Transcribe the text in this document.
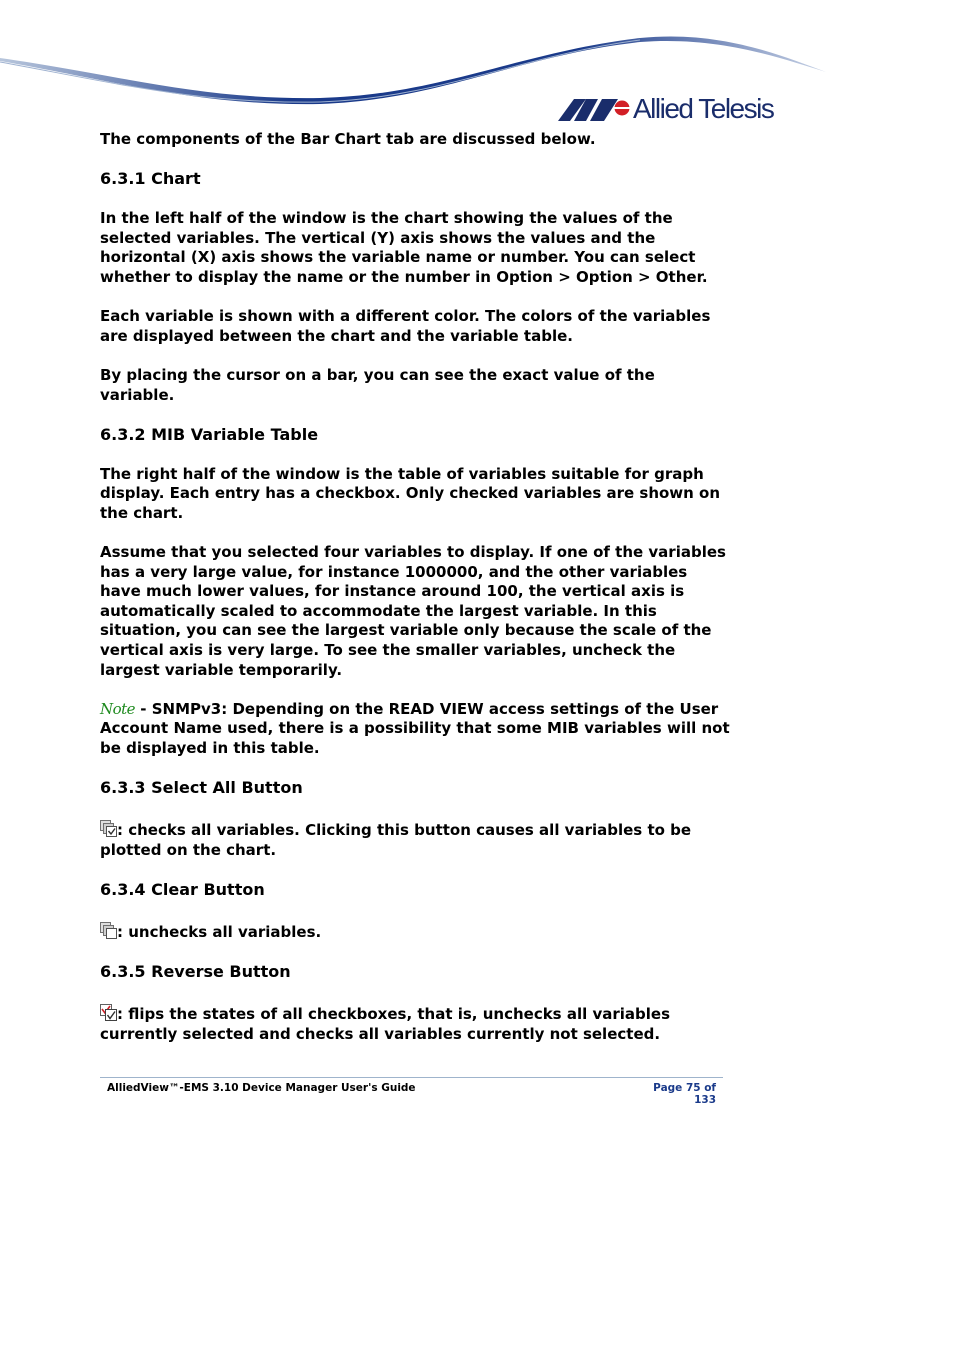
Allied Telesis

The components of the Bar Chart tab are discussed below.

6.3.1 Chart

In the left half of the window is the chart showing the values of the selected variables. The vertical (Y) axis shows the values and the horizontal (X) axis shows the variable name or number. You can select whether to display the name or the number in Option > Option > Other.

Each variable is shown with a different color. The colors of the variables are displayed between the chart and the variable table.

By placing the cursor on a bar, you can see the exact value of the variable.

6.3.2 MIB Variable Table

The right half of the window is the table of variables suitable for graph display. Each entry has a checkbox. Only checked variables are shown on the chart.

Assume that you selected four variables to display. If one of the variables has a very large value, for instance 1000000, and the other variables have much lower values, for instance around 100, the vertical axis is automatically scaled to accommodate the largest variable. In this situation, you can see the largest variable only because the scale of the vertical axis is very large. To see the smaller variables, uncheck the largest variable temporarily.

Note - SNMPv3: Depending on the READ VIEW access settings of the User Account Name used, there is a possibility that some MIB variables will not be displayed in this table.

6.3.3 Select All Button

: checks all variables. Clicking this button causes all variables to be plotted on the chart.

6.3.4 Clear Button

: unchecks all variables.

6.3.5 Reverse Button

: flips the states of all checkboxes, that is, unchecks all variables currently selected and checks all variables currently not selected.

AlliedView™-EMS 3.10 Device Manager User's Guide	Page 75 of 133
